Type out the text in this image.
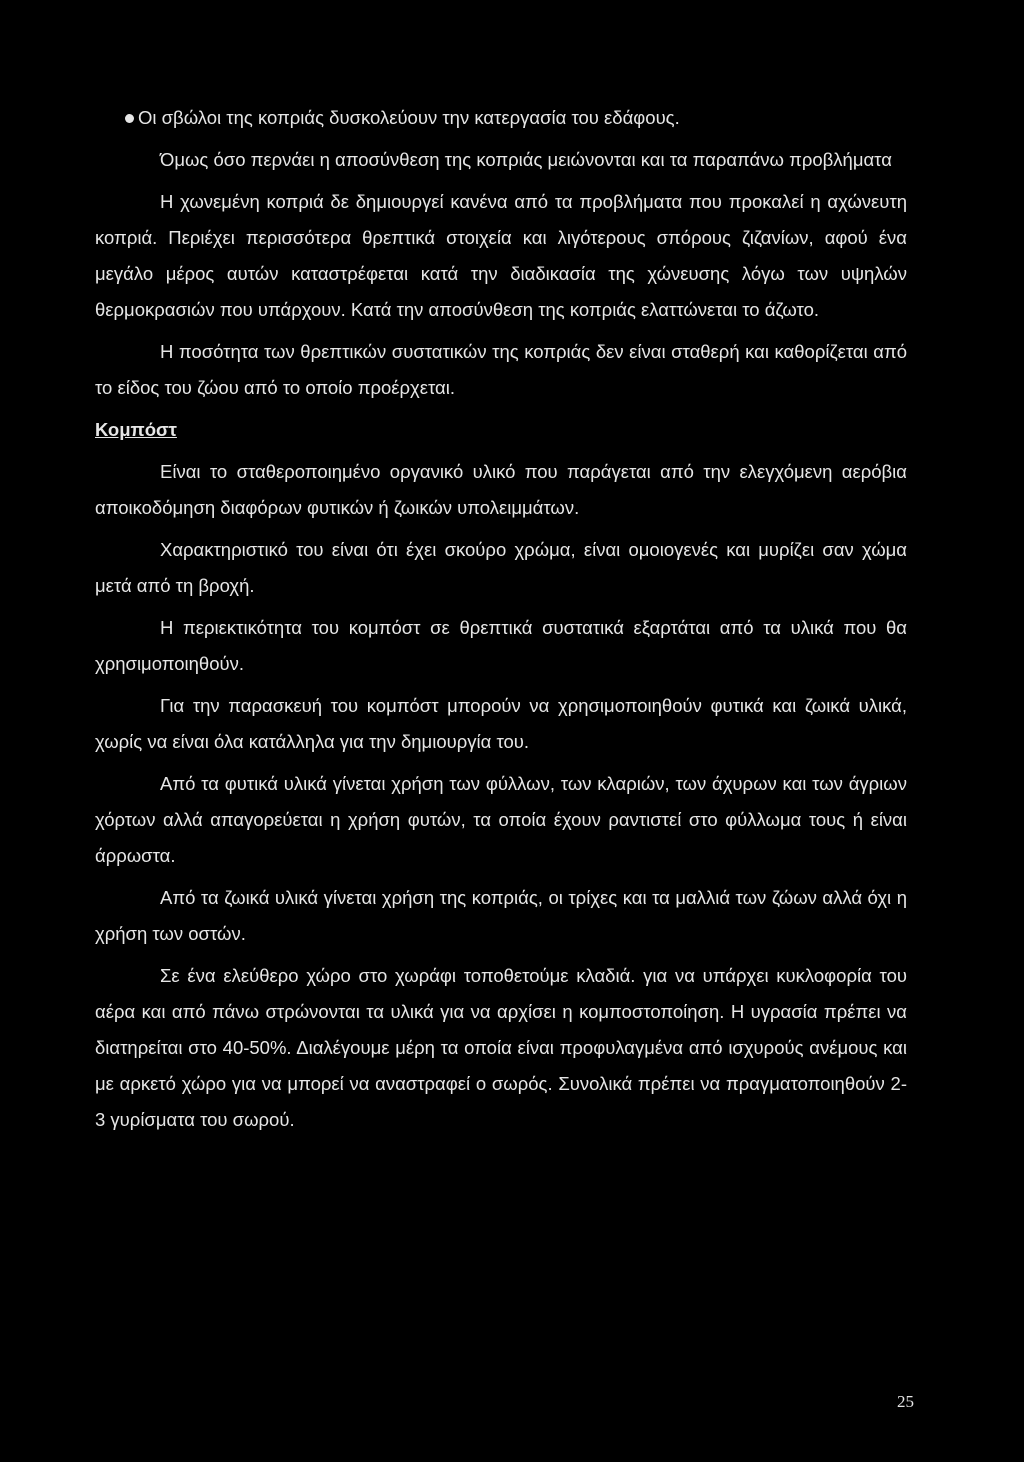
Οι σβώλοι της κοπριάς δυσκολεύουν την κατεργασία του εδάφους.

Όμως όσο περνάει η αποσύνθεση της κοπριάς μειώνονται και τα παραπάνω προβλήματα

Η χωνεμένη κοπριά δε δημιουργεί κανένα από τα προβλήματα που προκαλεί η αχώνευτη κοπριά. Περιέχει περισσότερα θρεπτικά στοιχεία και λιγότερους σπόρους ζιζανίων, αφού ένα μεγάλο μέρος αυτών καταστρέφεται κατά την διαδικασία της χώνευσης λόγω των υψηλών θερμοκρασιών που υπάρχουν. Κατά την αποσύνθεση της κοπριάς ελαττώνεται το άζωτο.

Η ποσότητα των θρεπτικών συστατικών της κοπριάς δεν είναι σταθερή και καθορίζεται από το είδος του ζώου από το οποίο προέρχεται.

Κομπόστ

Είναι το σταθεροποιημένο οργανικό υλικό που παράγεται από την ελεγχόμενη αερόβια αποικοδόμηση διαφόρων φυτικών ή ζωικών υπολειμμάτων.

Χαρακτηριστικό του είναι ότι έχει σκούρο χρώμα, είναι ομοιογενές και μυρίζει σαν χώμα μετά από τη βροχή.

Η περιεκτικότητα του κομπόστ σε θρεπτικά συστατικά εξαρτάται από τα υλικά που θα χρησιμοποιηθούν.

Για την παρασκευή του κομπόστ μπορούν να χρησιμοποιηθούν φυτικά και ζωικά υλικά, χωρίς να είναι όλα κατάλληλα για την δημιουργία του.

Από τα φυτικά υλικά γίνεται χρήση των φύλλων, των κλαριών, των άχυρων και των άγριων χόρτων αλλά απαγορεύεται η χρήση φυτών, τα οποία έχουν ραντιστεί στο φύλλωμα τους ή είναι άρρωστα.

Από τα ζωικά υλικά γίνεται χρήση της κοπριάς, οι τρίχες και τα μαλλιά των ζώων αλλά όχι η χρήση των οστών.

Σε ένα ελεύθερο χώρο στο χωράφι τοποθετούμε κλαδιά. για να υπάρχει κυκλοφορία του αέρα και από πάνω στρώνονται τα υλικά για να αρχίσει η κομποστοποίηση. Η υγρασία πρέπει να διατηρείται στο 40-50%. Διαλέγουμε μέρη τα οποία είναι προφυλαγμένα από ισχυρούς ανέμους και με αρκετό χώρο για να μπορεί να αναστραφεί ο σωρός. Συνολικά πρέπει να πραγματοποιηθούν 2-3 γυρίσματα του σωρού.

25
